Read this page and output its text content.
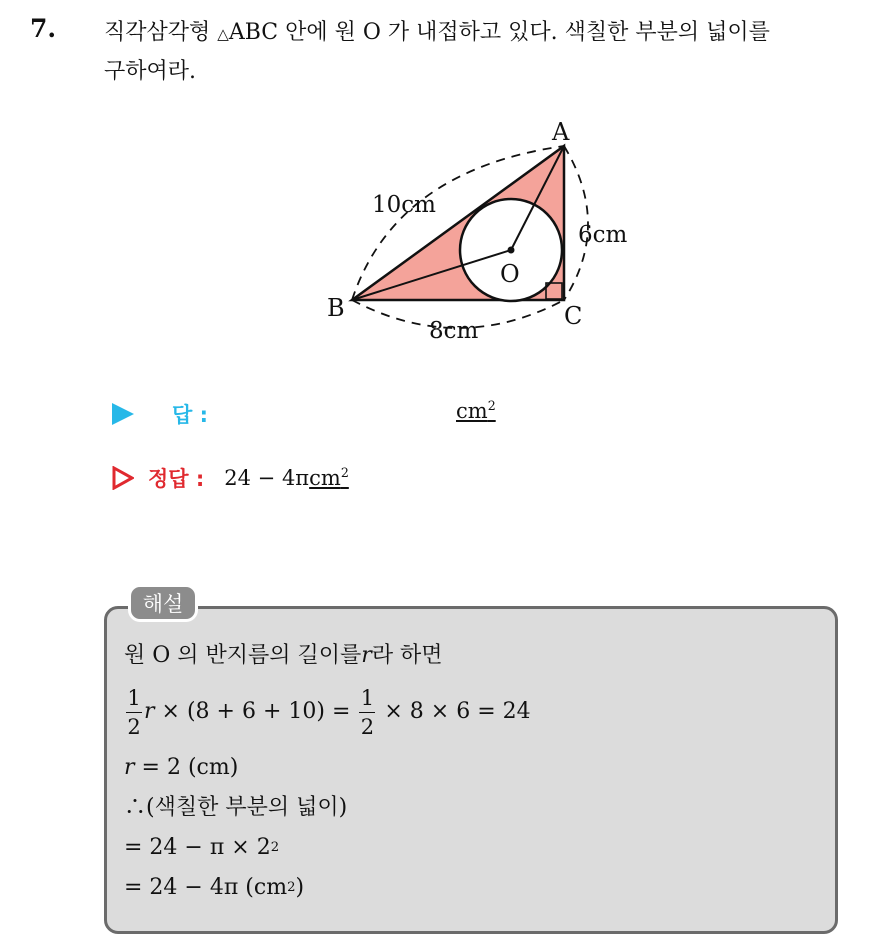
7. 직각삼각형 △ABC 안에 원 O 가 내접하고 있다. 색칠한 부분의 넓이를
구하여라.
A
B	C
O
10cm
6cm
8cm
답 :	$cm^2$
정답 : 24 − 4πcm$^2$
해설
원 O 의 반지름의 길이를 r 라 하면
$\frac{1}{2}$ $r \times (8 + 6 + 10) = \frac{1}{2} \times 8 \times 6 = 24$
r = 2 (cm)
∴(색칠한 부분의 넓이)
= 24 − π × 2 2
= 24 − 4π (cm 2 )
